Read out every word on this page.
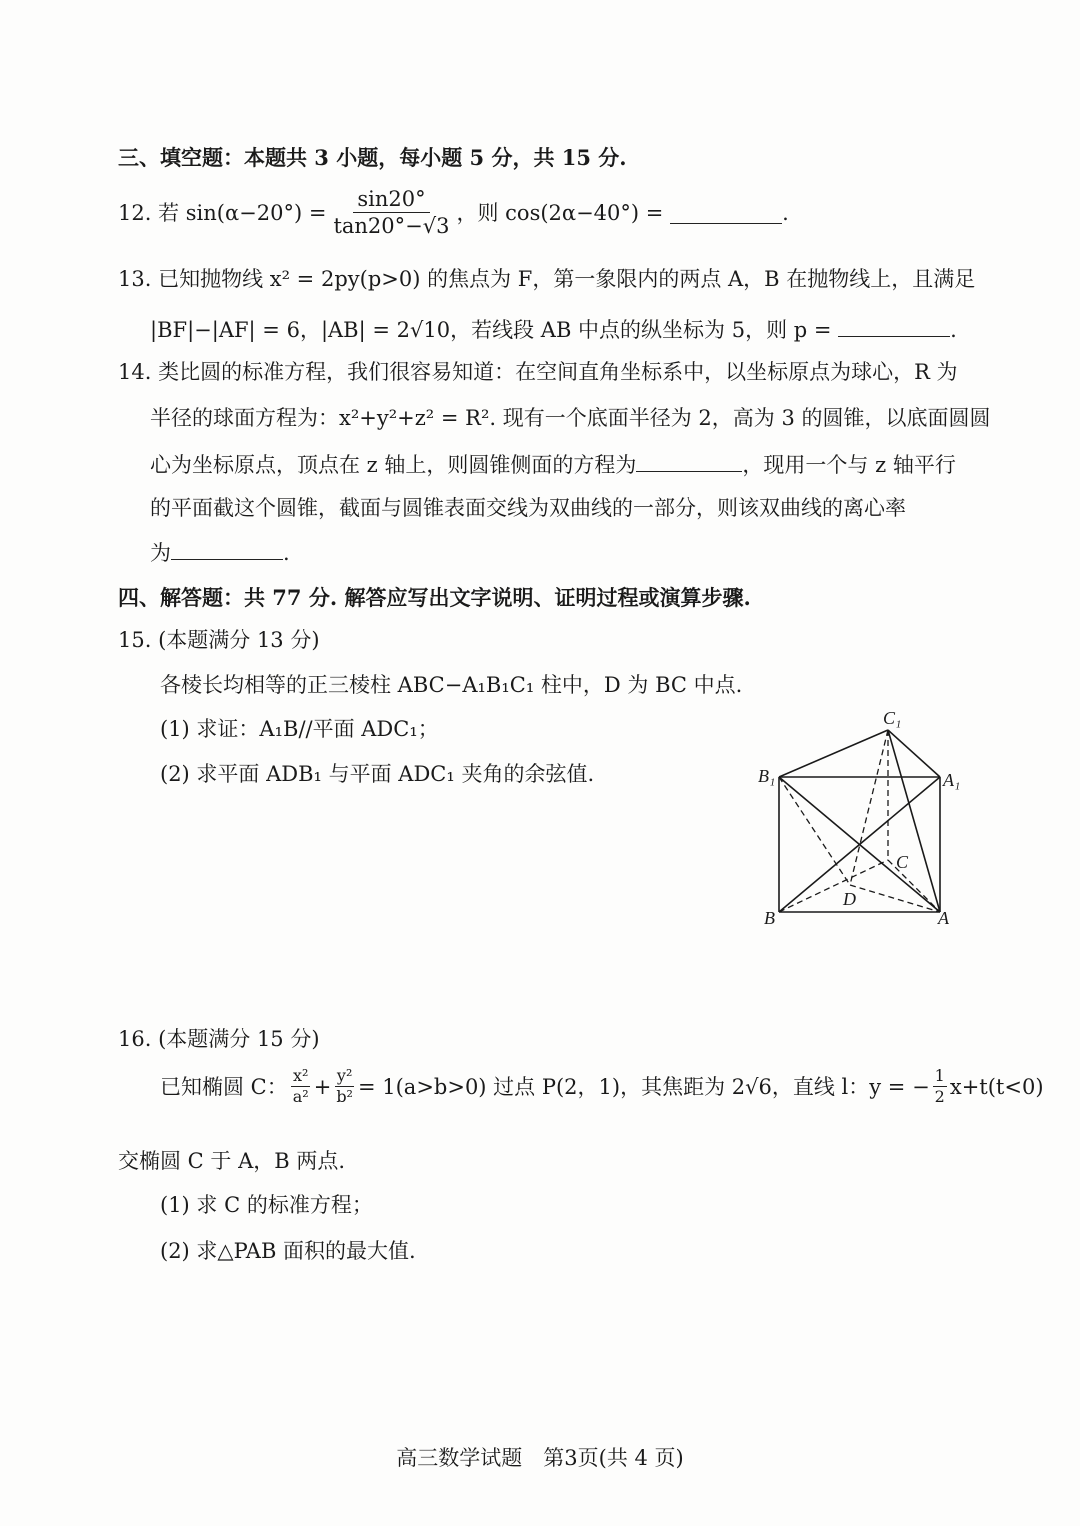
三、填空题：本题共 3 小题，每小题 5 分，共 15 分.
12.
若 $\sin(\alpha-20^\circ) = \frac{\sin 20^\circ}{\tan 20^\circ-√3}$ ，则 cos(2α−40°) =
	.
13. 已知抛物线 x² = 2py(p>0) 的焦点为 F，第一象限内的两点 A，B 在抛物线上，且满足
|BF|−|AF| = 6，|AB| = 2√10，若线段 AB 中点的纵坐标为 5，则 p =	.
14. 类比圆的标准方程，我们很容易知道：在空间直角坐标系中，以坐标原点为球心，R 为
半径的球面方程为：x²+y²+z² = R². 现有一个底面半径为 2，高为 3 的圆锥，以底面圆圆
心为坐标原点，顶点在 z 轴上，则圆锥侧面的方程为	，现用一个与 z 轴平行
的平面截这个圆锥，截面与圆锥表面交线为双曲线的一部分，则该双曲线的离心率
为	.
四、解答题：共 77 分. 解答应写出文字说明、证明过程或演算步骤.
15. (本题满分 13 分)
各棱长均相等的正三棱柱 ABC−A₁B₁C₁ 柱中，D 为 BC 中点.
(1) 求证：A₁B//平面 ADC₁；
(2) 求平面 ADB₁ 与平面 ADC₁ 夹角的余弦值.
C₁
B₁	A₁
C
D
B	A
16. (本题满分 15 分)
已知椭圆 C： $\frac{\text{x²}}{\text{a²}} + \frac{\text{y²}}{\text{b²}} = 1(a>b>0)$ 过点 P(2，1)，其焦距为 2√6，直线 l：y = − $\frac{1}{2} x+t(t<0)$
交椭圆 C 于 A，B 两点.
(1) 求 C 的标准方程；
(2) 求△PAB 面积的最大值.
高三数学试题　第3页(共 4 页)
